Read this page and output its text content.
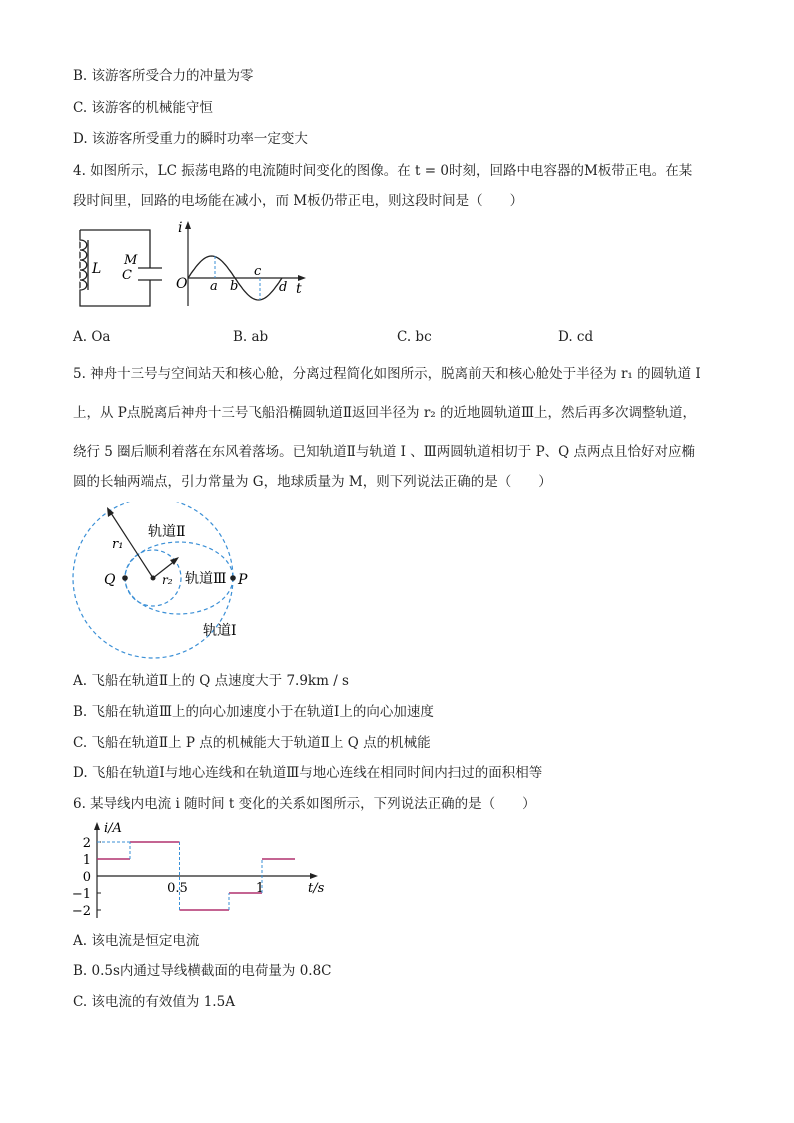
B. 该游客所受合力的冲量为零
C. 该游客的机械能守恒
D. 该游客所受重力的瞬时功率一定变大
4. 如图所示，LC 振荡电路的电流随时间变化的图像。在 t = 0时刻，回路中电容器的M板带正电。在某
段时间里，回路的电场能在减小，而 M板仍带正电，则这段时间是（　　）
L
M
C
i
O	t
a b
c
d
A. Oa	B. ab	C. bc	D. cd
5. 神舟十三号与空间站天和核心舱，分离过程简化如图所示，脱离前天和核心舱处于半径为 r₁ 的圆轨道 I
上，从 P点脱离后神舟十三号飞船沿椭圆轨道Ⅱ返回半径为 r₂ 的近地圆轨道Ⅲ上，然后再多次调整轨道，
绕行 5 圈后顺利着落在东风着落场。已知轨道Ⅱ与轨道 I 、Ⅲ两圆轨道相切于 P、Q 点两点且恰好对应椭
圆的长轴两端点，引力常量为 G，地球质量为 M，则下列说法正确的是（　　）
轨道Ⅱ
轨道Ⅲ
轨道Ⅰ
r₁
r₂
Q	P
A. 飞船在轨道Ⅱ上的 Q 点速度大于 7.9km / s
B. 飞船在轨道Ⅲ上的向心加速度小于在轨道Ⅰ上的向心加速度
C. 飞船在轨道Ⅱ上 P 点的机械能大于轨道Ⅱ上 Q 点的机械能
D. 飞船在轨道Ⅰ与地心连线和在轨道Ⅲ与地心连线在相同时间内扫过的面积相等
6. 某导线内电流 i 随时间 t 变化的关系如图所示，下列说法正确的是（　　）
i/A
t/s
2
1
0
−1
−2
0.5	1
A. 该电流是恒定电流
B. 0.5s内通过导线横截面的电荷量为 0.8C
C. 该电流的有效值为 1.5A
